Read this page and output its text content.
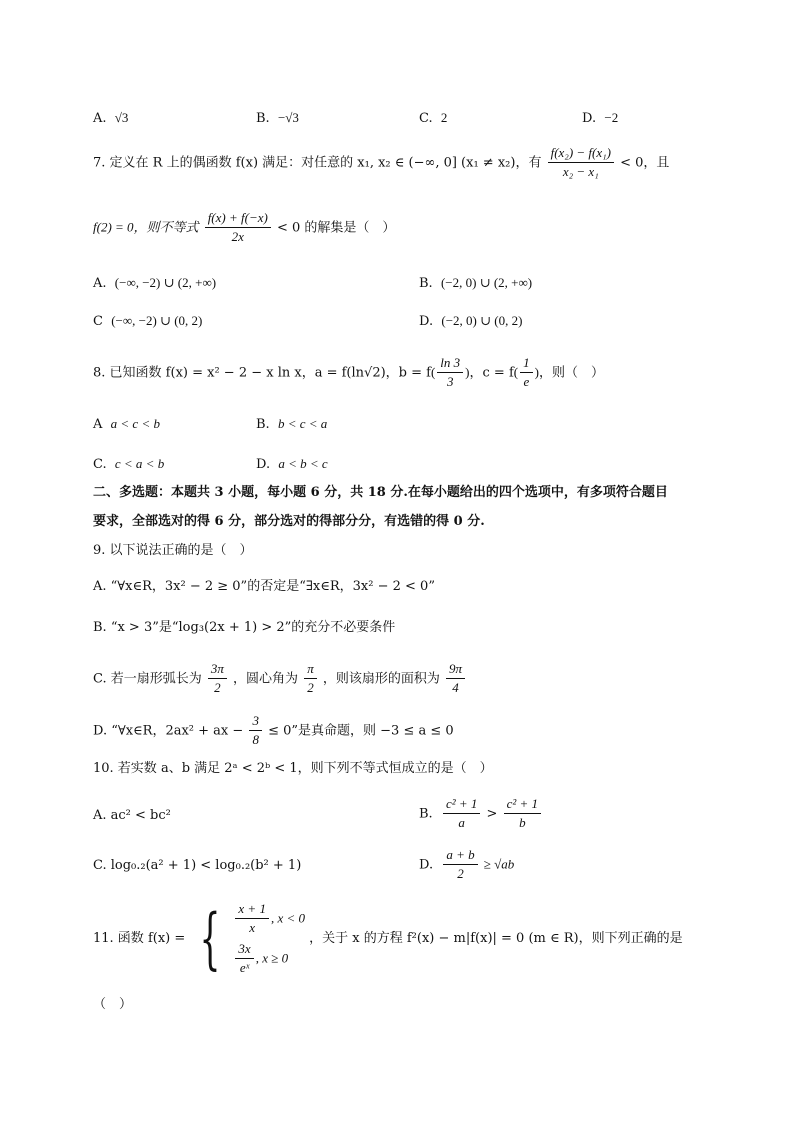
A. √3	B. −√3	C. 2	D. −2
7. 定义在 R 上的偶函数 f(x) 满足：对任意的 x₁, x₂ ∈ (−∞, 0] (x₁ ≠ x₂)，有 $\frac{\text{f(x₂) − f(x₁)}}{\text{x₂ − x₁}} < 0$，且
f(2) = 0，则不等式 $\frac{f(x) + f(-x)}{2x} < 0$ 的解集是（　）
A. (−∞, −2) ∪ (2, +∞)	B. (−2, 0) ∪ (2, +∞)
C (−∞, −2) ∪ (0, 2)	D. (−2, 0) ∪ (0, 2)
8. 已知函数 f(x) = x² − 2 − x ln x，a = f(ln√2)，$b = f( \frac{\ln 3}{3}$ )，$c = f( \frac{1}{e}$ )，则（　）
A a < c < b	B. b < c < a
C. c < a < b	D. a < b < c
二、多选题：本题共 3 小题，每小题 6 分，共 18 分.在每小题给出的四个选项中，有多项符合题目
要求，全部选对的得 6 分，部分选对的得部分分，有选错的得 0 分.
9. 以下说法正确的是（　）
A. “∀x∈R，3x² − 2 ≥ 0”的否定是“∃x∈R，3x² − 2 < 0”
B. “x > 3”是“log₃(2x + 1) > 2”的充分不必要条件
C. 若一扇形弧长为 $\frac{3\pi}{2}$ ，圆心角为 $\frac{\pi}{2}$ ，则该扇形的面积为 $\frac{9\pi}{4}$
D. “∀x∈R，2ax² + ax − $\frac{3}{8} \le 0$”是真命题，则 −3 ≤ a ≤ 0
10. 若实数 a、b 满足 2ᵃ < 2ᵇ < 1，则下列不等式恒成立的是（　）
A. ac² < bc²	B. $\frac{\text{c² + 1}}{a} > \frac{\text{c² + 1}}{b}$
C. log₀.₂(a² + 1) < log₀.₂(b² + 1)	D. $\frac{a + b}{2} \ge √ab$
11. 函数 f(x) = { $\frac{x + 1}{x}$ , x < 0
$\frac{3x}{\text{eˣ}}$ , x ≥ 0
，关于 x 的方程 f²(x) − m|f(x)| = 0 (m ∈ R)，则下列正确的是
（　）
